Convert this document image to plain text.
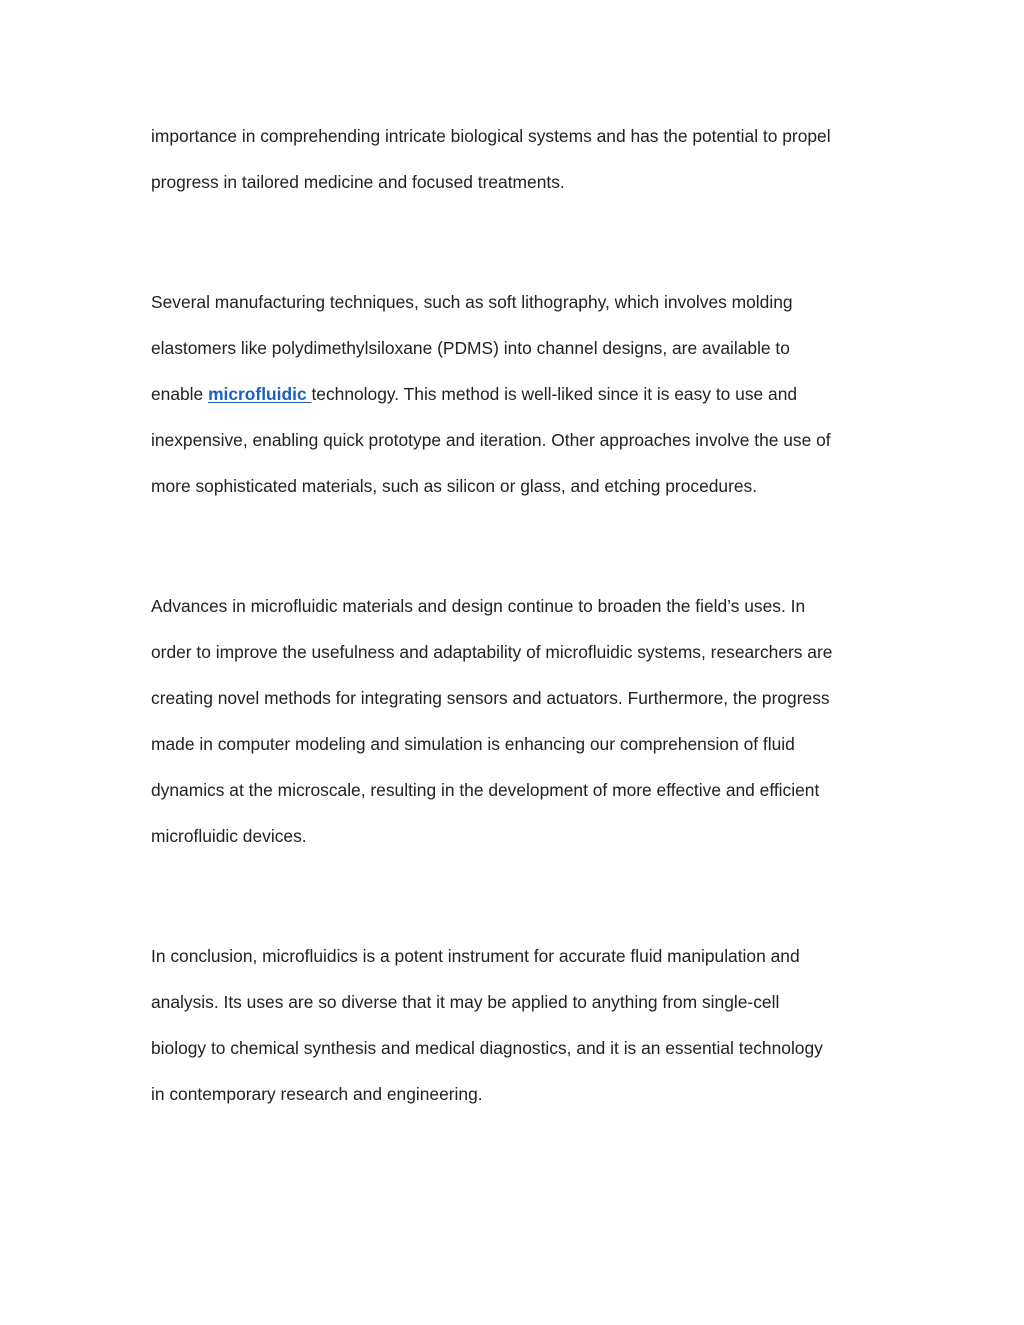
importance in comprehending intricate biological systems and has the potential to propel
progress in tailored medicine and focused treatments.

Several manufacturing techniques, such as soft lithography, which involves molding
elastomers like polydimethylsiloxane (PDMS) into channel designs, are available to
enable microfluidic technology. This method is well-liked since it is easy to use and
inexpensive, enabling quick prototype and iteration. Other approaches involve the use of
more sophisticated materials, such as silicon or glass, and etching procedures.

Advances in microfluidic materials and design continue to broaden the field’s uses. In
order to improve the usefulness and adaptability of microfluidic systems, researchers are
creating novel methods for integrating sensors and actuators. Furthermore, the progress
made in computer modeling and simulation is enhancing our comprehension of fluid
dynamics at the microscale, resulting in the development of more effective and efficient
microfluidic devices.

In conclusion, microfluidics is a potent instrument for accurate fluid manipulation and
analysis. Its uses are so diverse that it may be applied to anything from single-cell
biology to chemical synthesis and medical diagnostics, and it is an essential technology
in contemporary research and engineering.
